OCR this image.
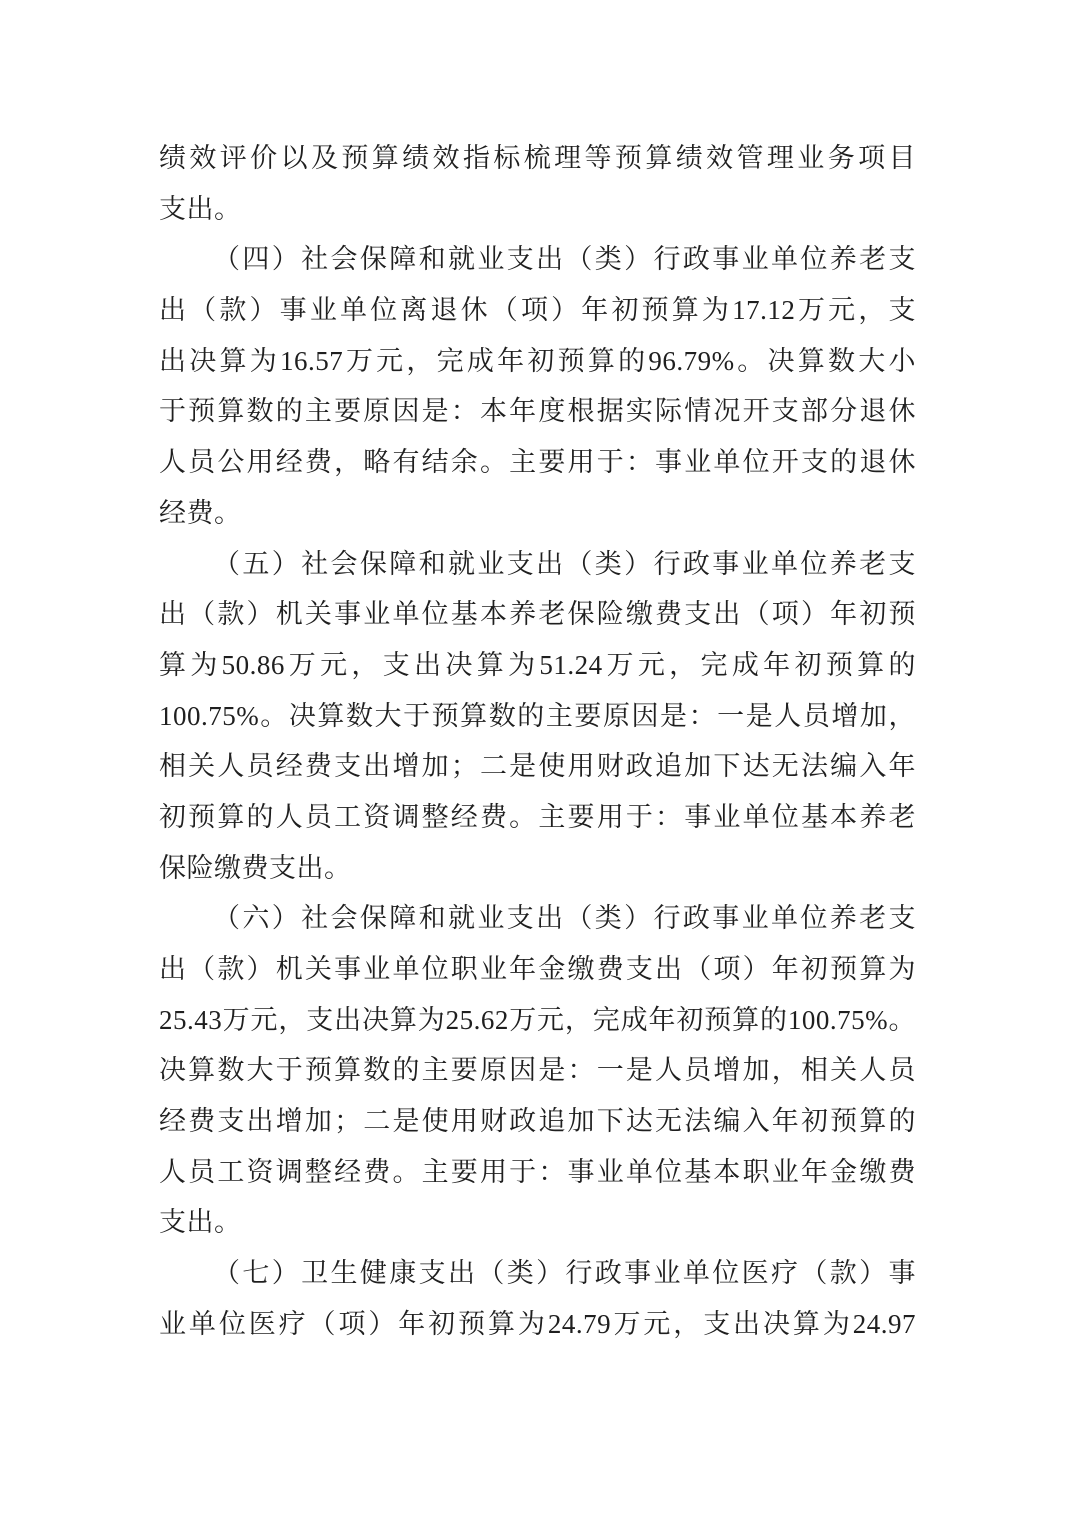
绩效评价以及预算绩效指标梳理等预算绩效管理业务项目
支出。
（四）社会保障和就业支出（类）行政事业单位养老支
出（款）事业单位离退休（项）年初预算为17.12万元，支
出决算为16.57万元，完成年初预算的96.79%。决算数大小
于预算数的主要原因是：本年度根据实际情况开支部分退休
人员公用经费，略有结余。主要用于：事业单位开支的退休
经费。
（五）社会保障和就业支出（类）行政事业单位养老支
出（款）机关事业单位基本养老保险缴费支出（项）年初预
算为50.86万元，支出决算为51.24万元，完成年初预算的
100.75%。决算数大于预算数的主要原因是：一是人员增加，
相关人员经费支出增加；二是使用财政追加下达无法编入年
初预算的人员工资调整经费。主要用于：事业单位基本养老
保险缴费支出。
（六）社会保障和就业支出（类）行政事业单位养老支
出（款）机关事业单位职业年金缴费支出（项）年初预算为
25.43万元，支出决算为25.62万元，完成年初预算的100.75%。
决算数大于预算数的主要原因是：一是人员增加，相关人员
经费支出增加；二是使用财政追加下达无法编入年初预算的
人员工资调整经费。主要用于：事业单位基本职业年金缴费
支出。
（七）卫生健康支出（类）行政事业单位医疗（款）事
业单位医疗（项）年初预算为24.79万元，支出决算为24.97
